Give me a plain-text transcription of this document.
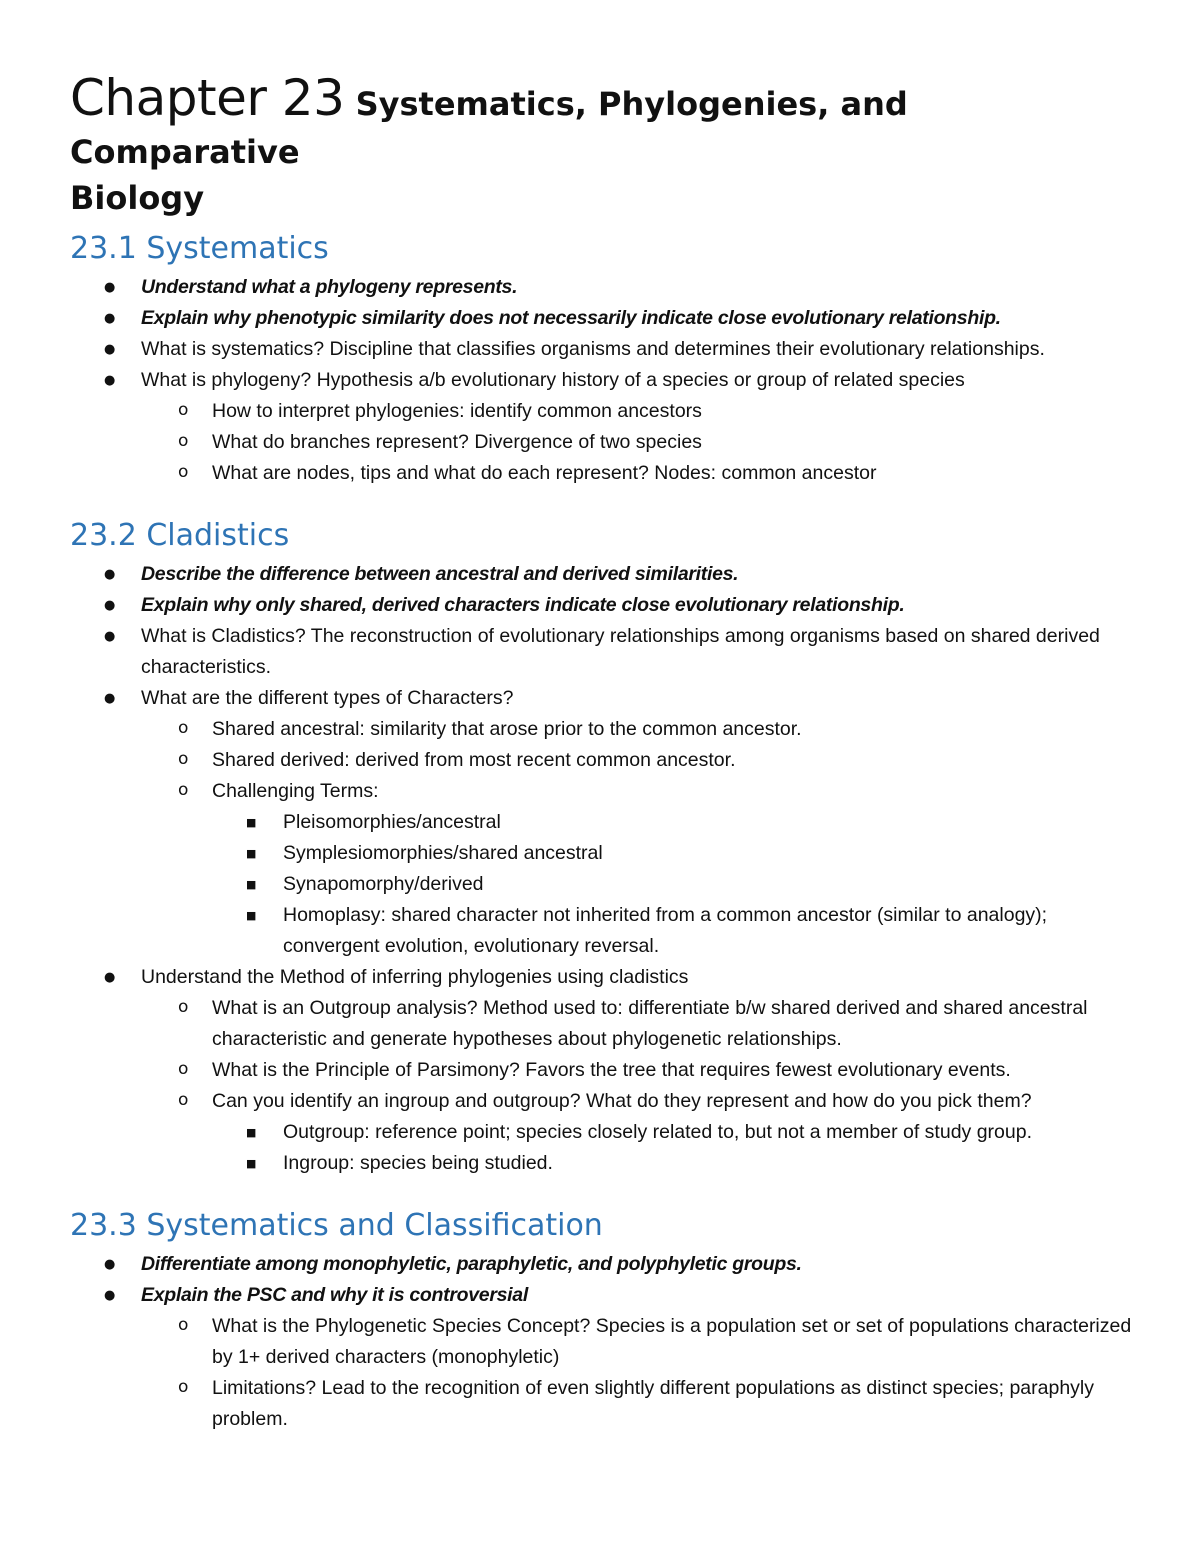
Chapter 23 Systematics, Phylogenies, and Comparative
Biology
23.1 Systematics
● Understand what a phylogeny represents.
● Explain why phenotypic similarity does not necessarily indicate close evolutionary relationship.
● What is systematics? Discipline that classifies organisms and determines their evolutionary relationships.
● What is phylogeny? Hypothesis a/b evolutionary history of a species or group of related species
o How to interpret phylogenies: identify common ancestors
o What do branches represent? Divergence of two species
o What are nodes, tips and what do each represent? Nodes: common ancestor
23.2 Cladistics
● Describe the difference between ancestral and derived similarities.
● Explain why only shared, derived characters indicate close evolutionary relationship.
● What is Cladistics? The reconstruction of evolutionary relationships among organisms based on shared derived characteristics.
● What are the different types of Characters?
o Shared ancestral: similarity that arose prior to the common ancestor.
o Shared derived: derived from most recent common ancestor.
o Challenging Terms:
■ Pleisomorphies/ancestral
■ Symplesiomorphies/shared ancestral
■ Synapomorphy/derived
■ Homoplasy: shared character not inherited from a common ancestor (similar to analogy); convergent evolution, evolutionary reversal.
● Understand the Method of inferring phylogenies using cladistics
o What is an Outgroup analysis? Method used to: differentiate b/w shared derived and shared ancestral characteristic and generate hypotheses about phylogenetic relationships.
o What is the Principle of Parsimony? Favors the tree that requires fewest evolutionary events.
o Can you identify an ingroup and outgroup? What do they represent and how do you pick them?
■ Outgroup: reference point; species closely related to, but not a member of study group.
■ Ingroup: species being studied.
23.3 Systematics and Classification
● Differentiate among monophyletic, paraphyletic, and polyphyletic groups.
● Explain the PSC and why it is controversial
o What is the Phylogenetic Species Concept? Species is a population set or set of populations characterized by 1+ derived characters (monophyletic)
o Limitations? Lead to the recognition of even slightly different populations as distinct species; paraphyly problem.
